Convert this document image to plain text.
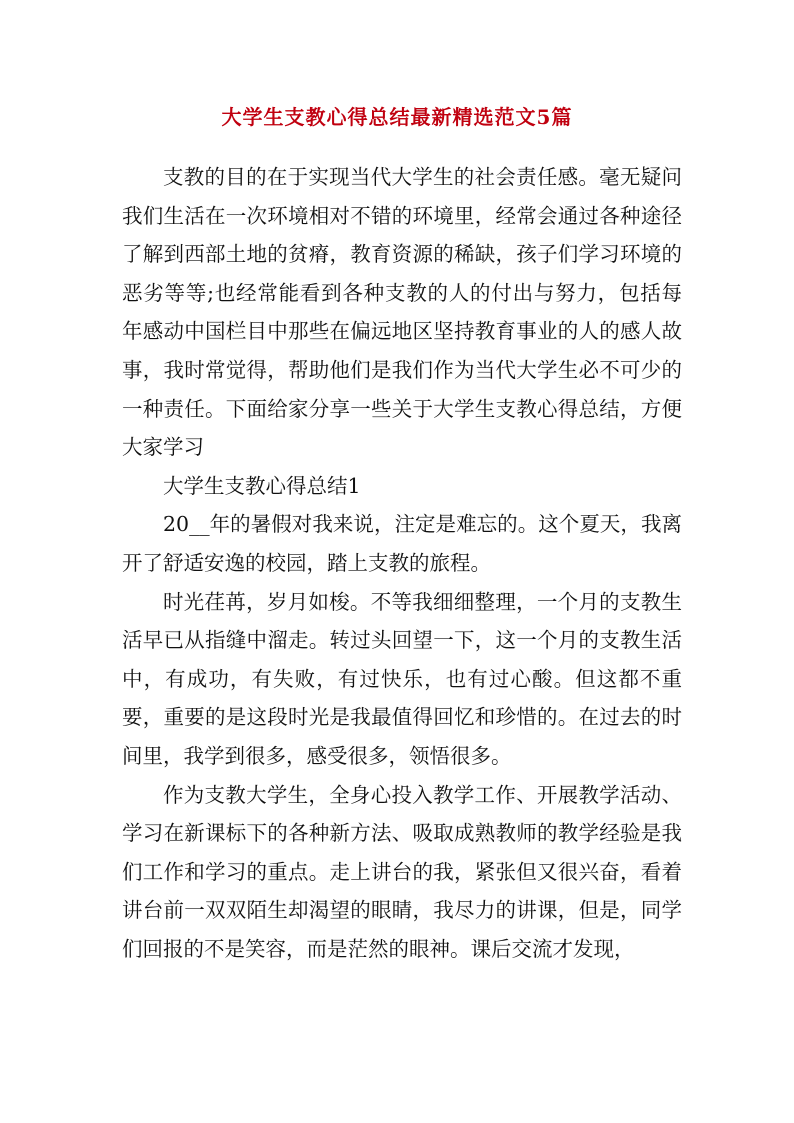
大学生支教心得总结最新精选范文5篇

支教的目的在于实现当代大学生的社会责任感。毫无疑问我们生活在一次环境相对不错的环境里，经常会通过各种途径了解到西部土地的贫瘠，教育资源的稀缺，孩子们学习环境的恶劣等等;也经常能看到各种支教的人的付出与努力，包括每年感动中国栏目中那些在偏远地区坚持教育事业的人的感人故事，我时常觉得，帮助他们是我们作为当代大学生必不可少的一种责任。下面给家分享一些关于大学生支教心得总结，方便大家学习

大学生支教心得总结1

20__年的暑假对我来说，注定是难忘的。这个夏天，我离开了舒适安逸的校园，踏上支教的旅程。

时光荏苒，岁月如梭。不等我细细整理，一个月的支教生活早已从指缝中溜走。转过头回望一下，这一个月的支教生活中，有成功，有失败，有过快乐，也有过心酸。但这都不重要，重要的是这段时光是我最值得回忆和珍惜的。在过去的时间里，我学到很多，感受很多，领悟很多。

作为支教大学生，全身心投入教学工作、开展教学活动、学习在新课标下的各种新方法、吸取成熟教师的教学经验是我们工作和学习的重点。走上讲台的我，紧张但又很兴奋，看着讲台前一双双陌生却渴望的眼睛，我尽力的讲课，但是，同学们回报的不是笑容，而是茫然的眼神。课后交流才发现，
